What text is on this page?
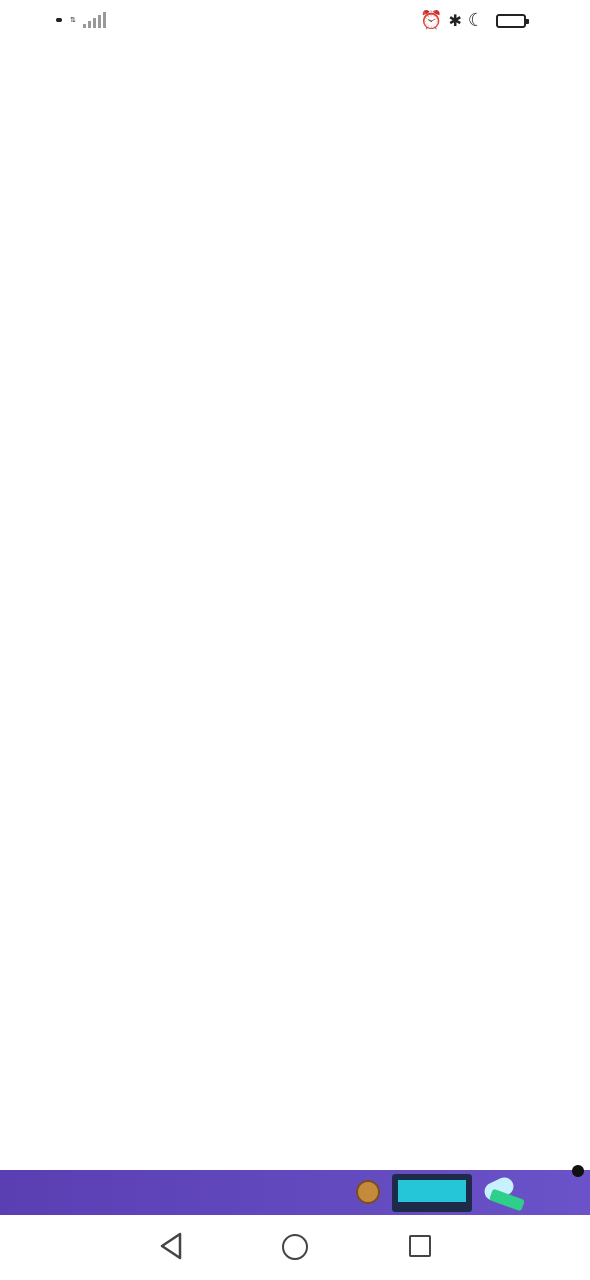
⇅	⏰ ✱ ☾
